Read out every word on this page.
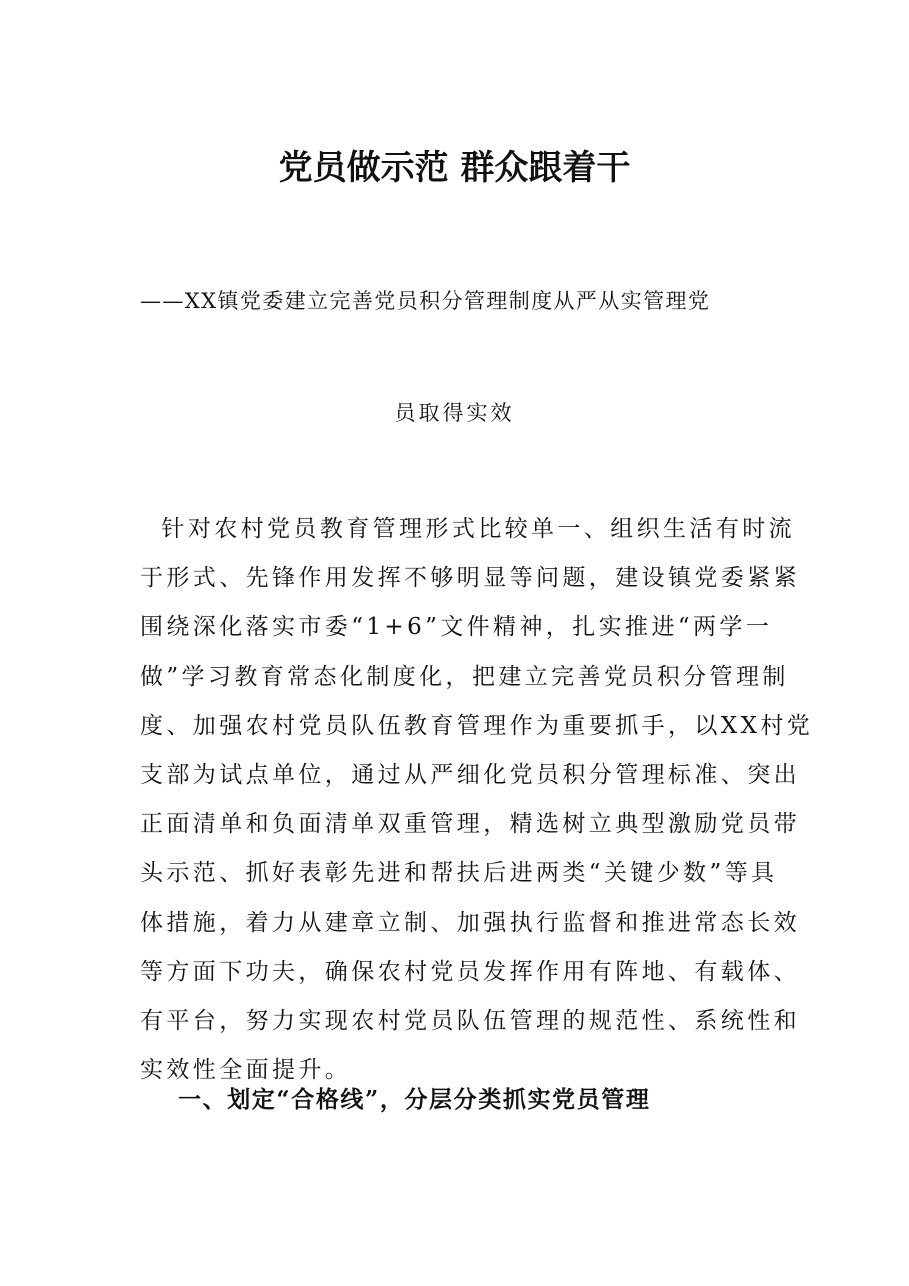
党员做示范 群众跟着干

——XX镇党委建立完善党员积分管理制度从严从实管理党

员取得实效

针对农村党员教育管理形式比较单一、组织生活有时流
于形式、先锋作用发挥不够明显等问题，建设镇党委紧紧
围绕深化落实市委“1+6”文件精神，扎实推进“两学一
做”学习教育常态化制度化，把建立完善党员积分管理制
度、加强农村党员队伍教育管理作为重要抓手，以XX村党
支部为试点单位，通过从严细化党员积分管理标准、突出
正面清单和负面清单双重管理，精选树立典型激励党员带
头示范、抓好表彰先进和帮扶后进两类“关键少数”等具
体措施，着力从建章立制、加强执行监督和推进常态长效
等方面下功夫，确保农村党员发挥作用有阵地、有载体、
有平台，努力实现农村党员队伍管理的规范性、系统性和
实效性全面提升。

一、划定“合格线”，分层分类抓实党员管理
